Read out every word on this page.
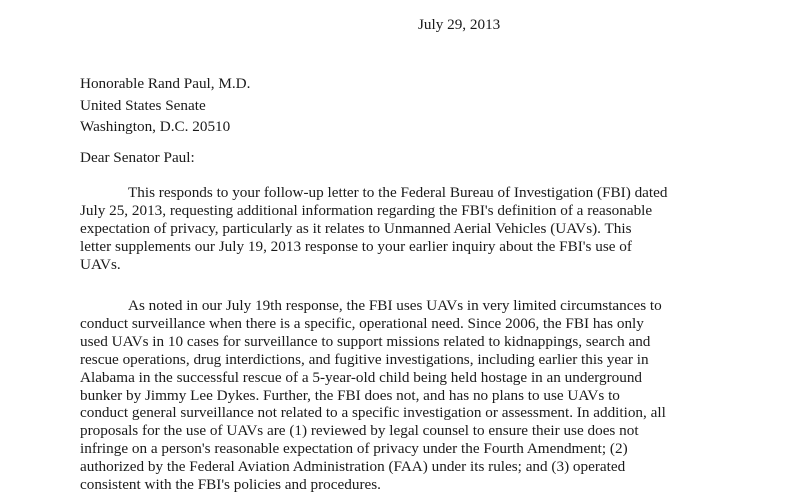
July 29, 2013
Honorable Rand Paul, M.D.
United States Senate
Washington, D.C. 20510
Dear Senator Paul:
This responds to your follow-up letter to the Federal Bureau of Investigation (FBI) dated
July 25, 2013, requesting additional information regarding the FBI's definition of a reasonable
expectation of privacy, particularly as it relates to Unmanned Aerial Vehicles (UAVs). This
letter supplements our July 19, 2013 response to your earlier inquiry about the FBI's use of
UAVs.
As noted in our July 19th response, the FBI uses UAVs in very limited circumstances to
conduct surveillance when there is a specific, operational need. Since 2006, the FBI has only
used UAVs in 10 cases for surveillance to support missions related to kidnappings, search and
rescue operations, drug interdictions, and fugitive investigations, including earlier this year in
Alabama in the successful rescue of a 5-year-old child being held hostage in an underground
bunker by Jimmy Lee Dykes. Further, the FBI does not, and has no plans to use UAVs to
conduct general surveillance not related to a specific investigation or assessment. In addition, all
proposals for the use of UAVs are (1) reviewed by legal counsel to ensure their use does not
infringe on a person's reasonable expectation of privacy under the Fourth Amendment; (2)
authorized by the Federal Aviation Administration (FAA) under its rules; and (3) operated
consistent with the FBI's policies and procedures.
